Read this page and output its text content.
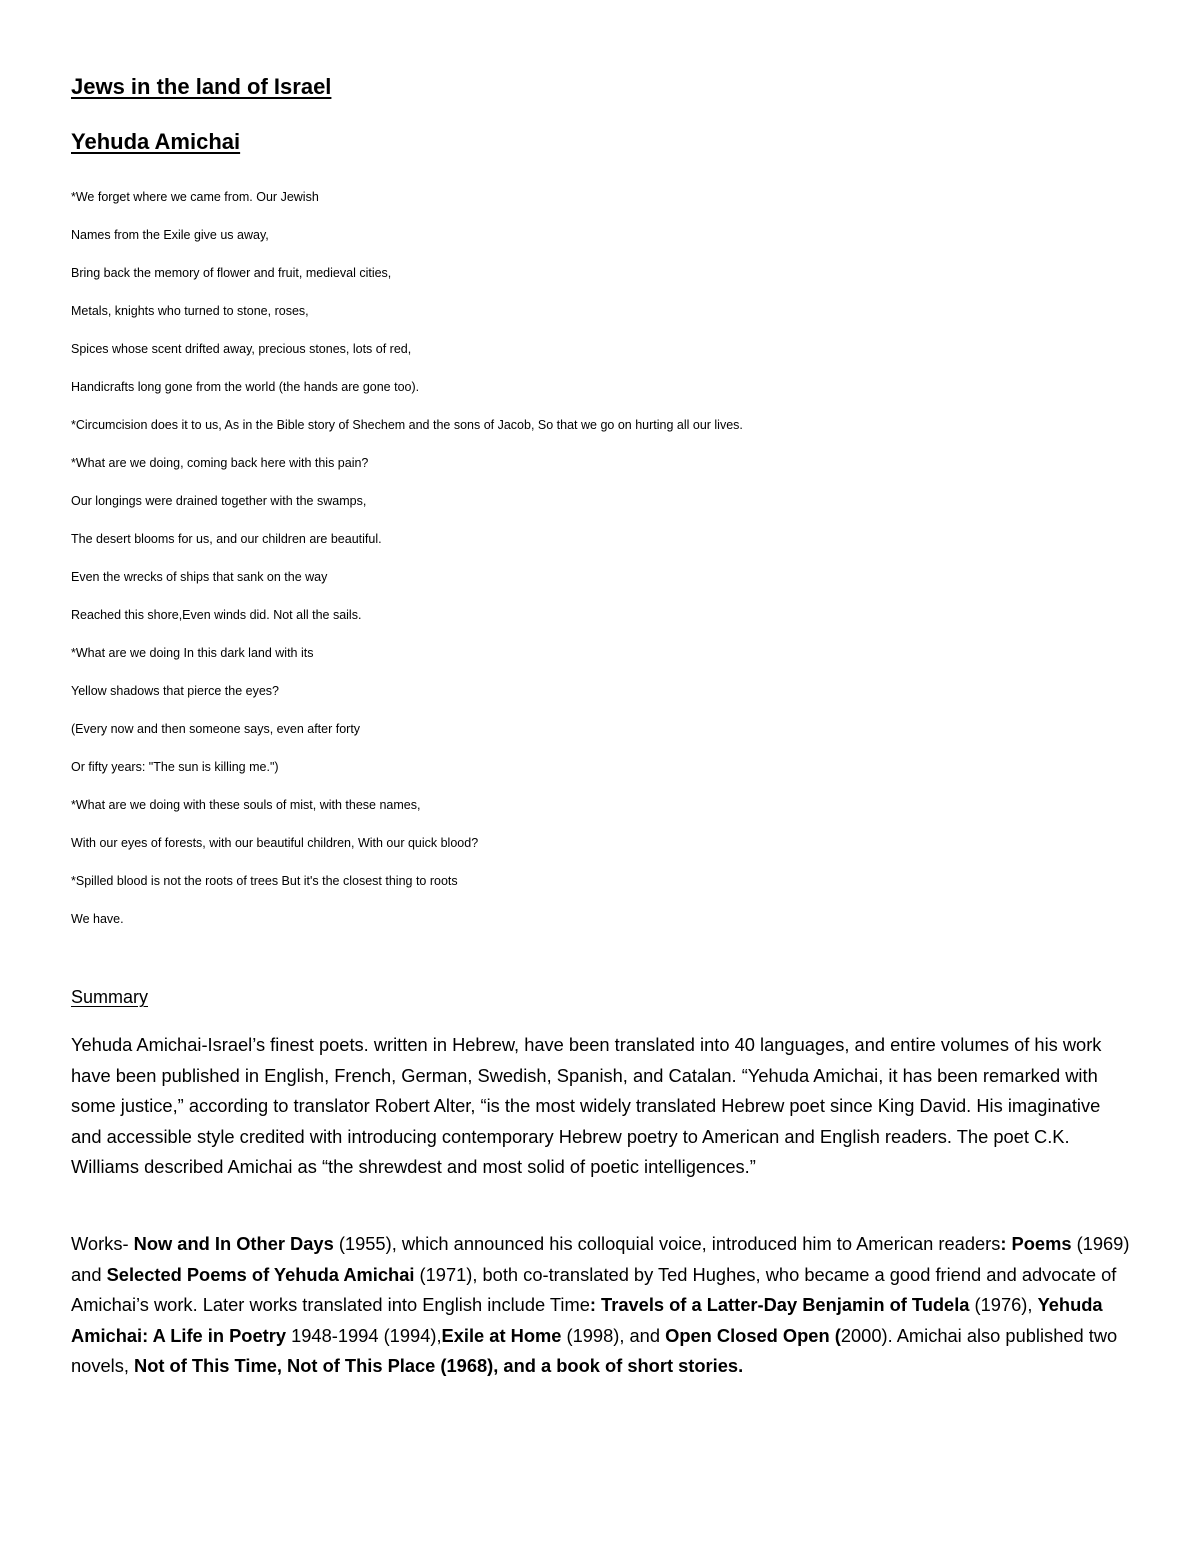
Jews in the land of Israel
Yehuda Amichai
*We forget where we came from. Our Jewish
Names from the Exile give us away,
Bring back the memory of flower and fruit, medieval cities,
Metals, knights who turned to stone, roses,
Spices whose scent drifted away, precious stones, lots of red,
Handicrafts long gone from the world (the hands are gone too).
*Circumcision does it to us, As in the Bible story of Shechem and the sons of Jacob, So that we go on hurting all our lives.
*What are we doing, coming back here with this pain?
Our longings were drained together with the swamps,
The desert blooms for us, and our children are beautiful.
Even the wrecks of ships that sank on the way
Reached this shore,Even winds did. Not all the sails.
*What are we doing In this dark land with its
Yellow shadows that pierce the eyes?
(Every now and then someone says, even after forty
Or fifty years: "The sun is killing me.")
*What are we doing with these souls of mist, with these names,
With our eyes of forests, with our beautiful children, With our quick blood?
*Spilled blood is not the roots of trees But it's the closest thing to roots
We have.
Summary

Yehuda Amichai-Israel’s finest poets. written in Hebrew, have been translated into 40 languages, and entire volumes of his work have been published in English, French, German, Swedish, Spanish, and Catalan. “Yehuda Amichai, it has been remarked with some justice,” according to translator Robert Alter, “is the most widely translated Hebrew poet since King David. His imaginative and accessible style credited with introducing contemporary Hebrew poetry to American and English readers. The poet C.K. Williams described Amichai as “the shrewdest and most solid of poetic intelligences.”

Works- Now and In Other Days (1955), which announced his colloquial voice, introduced him to American readers: Poems (1969) and Selected Poems of Yehuda Amichai (1971), both co-translated by Ted Hughes, who became a good friend and advocate of Amichai’s work. Later works translated into English include Time: Travels of a Latter-Day Benjamin of Tudela (1976), Yehuda Amichai: A Life in Poetry 1948-1994 (1994),Exile at Home (1998), and Open Closed Open (2000). Amichai also published two novels, Not of This Time, Not of This Place (1968), and a book of short stories.
